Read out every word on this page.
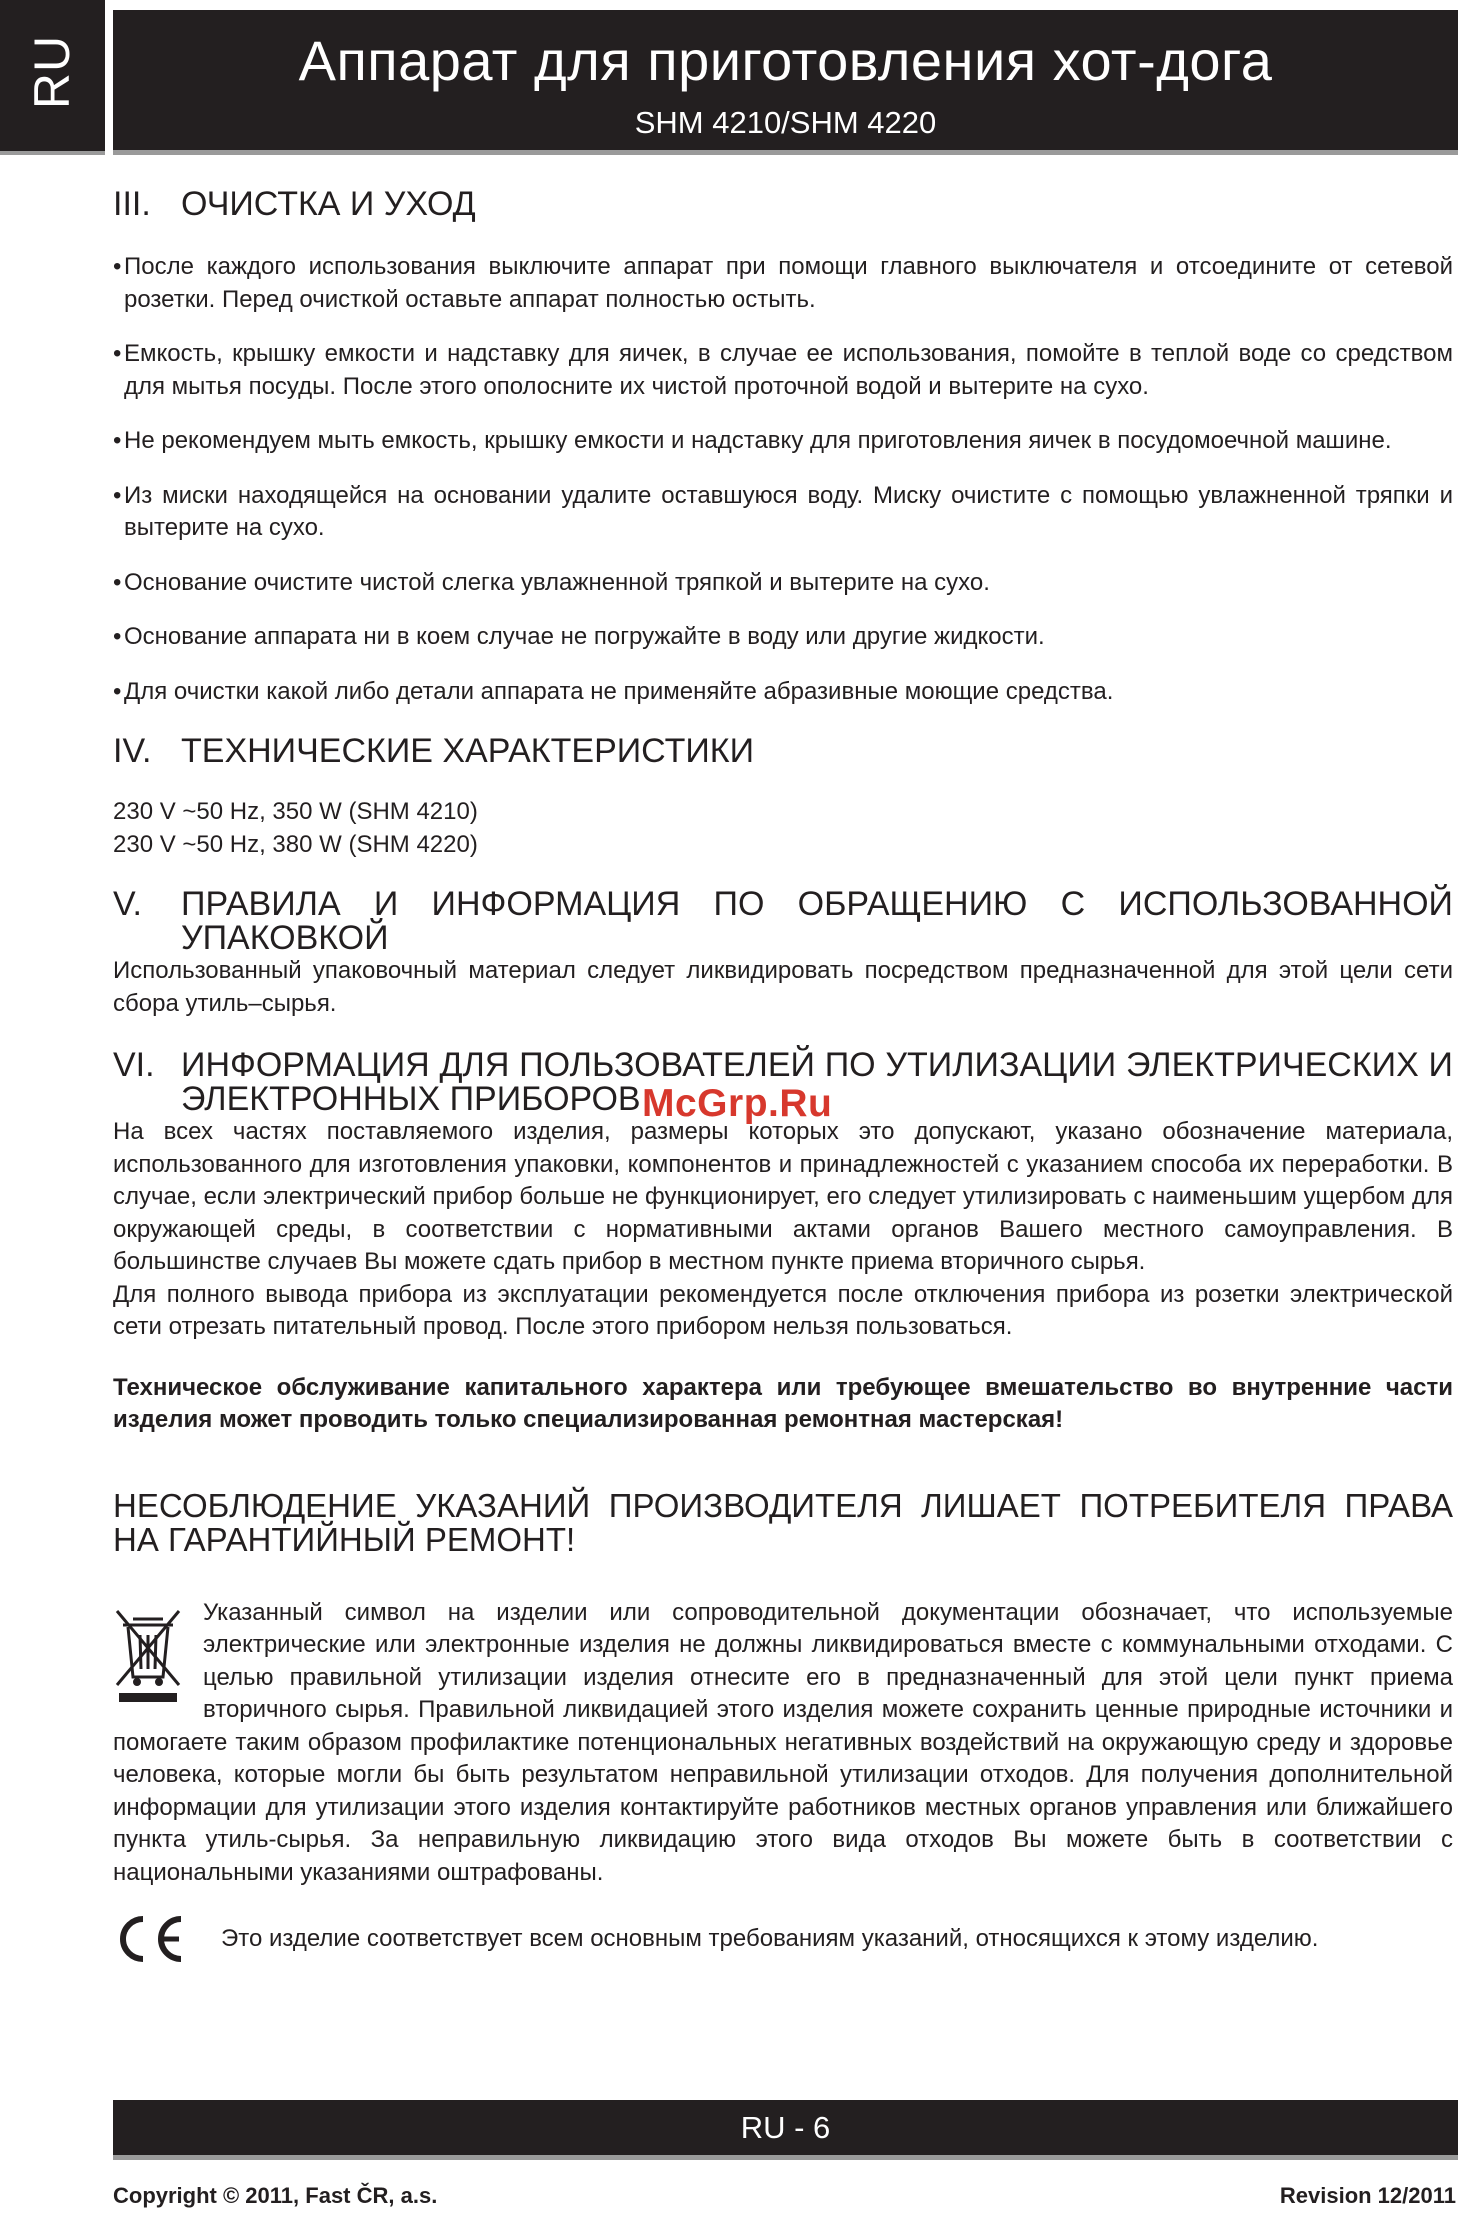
RU	Аппарат для приготовления хот-дога
SHM 4210/SHM 4220
III. ОЧИСТКА И УХОД
• После каждого использования выключите аппарат при помощи главного выключателя и отсоедините от сетевой розетки. Перед очисткой оставьте аппарат полностью остыть.
• Емкость, крышку емкости и надставку для яичек, в случае ее использования, помойте в теплой воде со средством для мытья посуды. После этого ополосните их чистой проточной водой и вытерите на сухо.
• Не рекомендуем мыть емкость, крышку емкости и надставку для приготовления яичек в посудомоечной машине.
• Из миски находящейся на основании удалите оставшуюся воду. Миску очистите с помощью увлажненной тряпки и вытерите на сухо.
• Основание очистите чистой слегка увлажненной тряпкой и вытерите на сухо.
• Основание аппарата ни в коем случае не погружайте в воду или другие жидкости.
• Для очистки какой либо детали аппарата не применяйте абразивные моющие средства.
IV. ТЕХНИЧЕСКИЕ ХАРАКТЕРИСТИКИ

230 V ~50 Hz, 350 W (SHM 4210)

230 V ~50 Hz, 380 W (SHM 4220)

V.	ПРАВИЛА И ИНФОРМАЦИЯ ПО ОБРАЩЕНИЮ С ИСПОЛЬЗОВАННОЙ УПАКОВКОЙ

Использованный упаковочный материал следует ликвидировать посредством предназначенной для этой цели сети сбора утиль–сырья.

VI. ИНФОРМАЦИЯ ДЛЯ ПОЛЬЗОВАТЕЛЕЙ ПО УТИЛИЗАЦИИ ЭЛЕКТРИЧЕСКИХ И ЭЛЕКТРОННЫХ ПРИБОРОВ

На всех частях поставляемого изделия, размеры которых это допускают, указано обозначение материала, использованного для изготовления упаковки, компонентов и принадлежностей с указанием способа их переработки. В случае, если электрический прибор больше не функционирует, его следует утилизировать с наименьшим ущербом для окружающей среды, в соответствии с нормативными актами органов Вашего местного самоуправления. В большинстве случаев Вы можете сдать прибор в местном пункте приема вторичного сырья.

Для полного вывода прибора из эксплуатации рекомендуется после отключения прибора из розетки электрической сети отрезать питательный провод. После этого прибором нельзя пользоваться.

Техническое обслуживание капитального характера или требующее вмешательство во внутренние части изделия может проводить только специализированная ремонтная мастерская!

НЕСОБЛЮДЕНИЕ УКАЗАНИЙ ПРОИЗВОДИТЕЛЯ ЛИШАЕТ ПОТРЕБИТЕЛЯ ПРАВА НА ГАРАНТИЙНЫЙ РЕМОНТ!

Указанный символ на изделии или сопроводительной документации обозначает, что используемые электрические или электронные изделия не должны ликвидироваться вместе с коммунальными отходами. С целью правильной утилизации изделия отнесите его в предназначенный для этой цели пункт приема вторичного сырья. Правильной ликвидацией этого изделия можете сохранить ценные природные источники и помогаете таким образом профилактике потенциональных негативных воздействий на окружающую среду и здоровье человека, которые могли бы быть результатом неправильной утилизации отходов. Для получения дополнительной информации для утилизации этого изделия контактируйте работников местных органов управления или ближайшего пункта утиль-сырья. За неправильную ликвидацию этого вида отходов Вы можете быть в соответствии с национальными указаниями оштрафованы.
Это изделие соответствует всем основным требованиям указаний, относящихся к этому изделию.
McGrp.Ru
RU - 6
Copyright © 2011, Fast ČR, a.s.	Revision 12/2011
